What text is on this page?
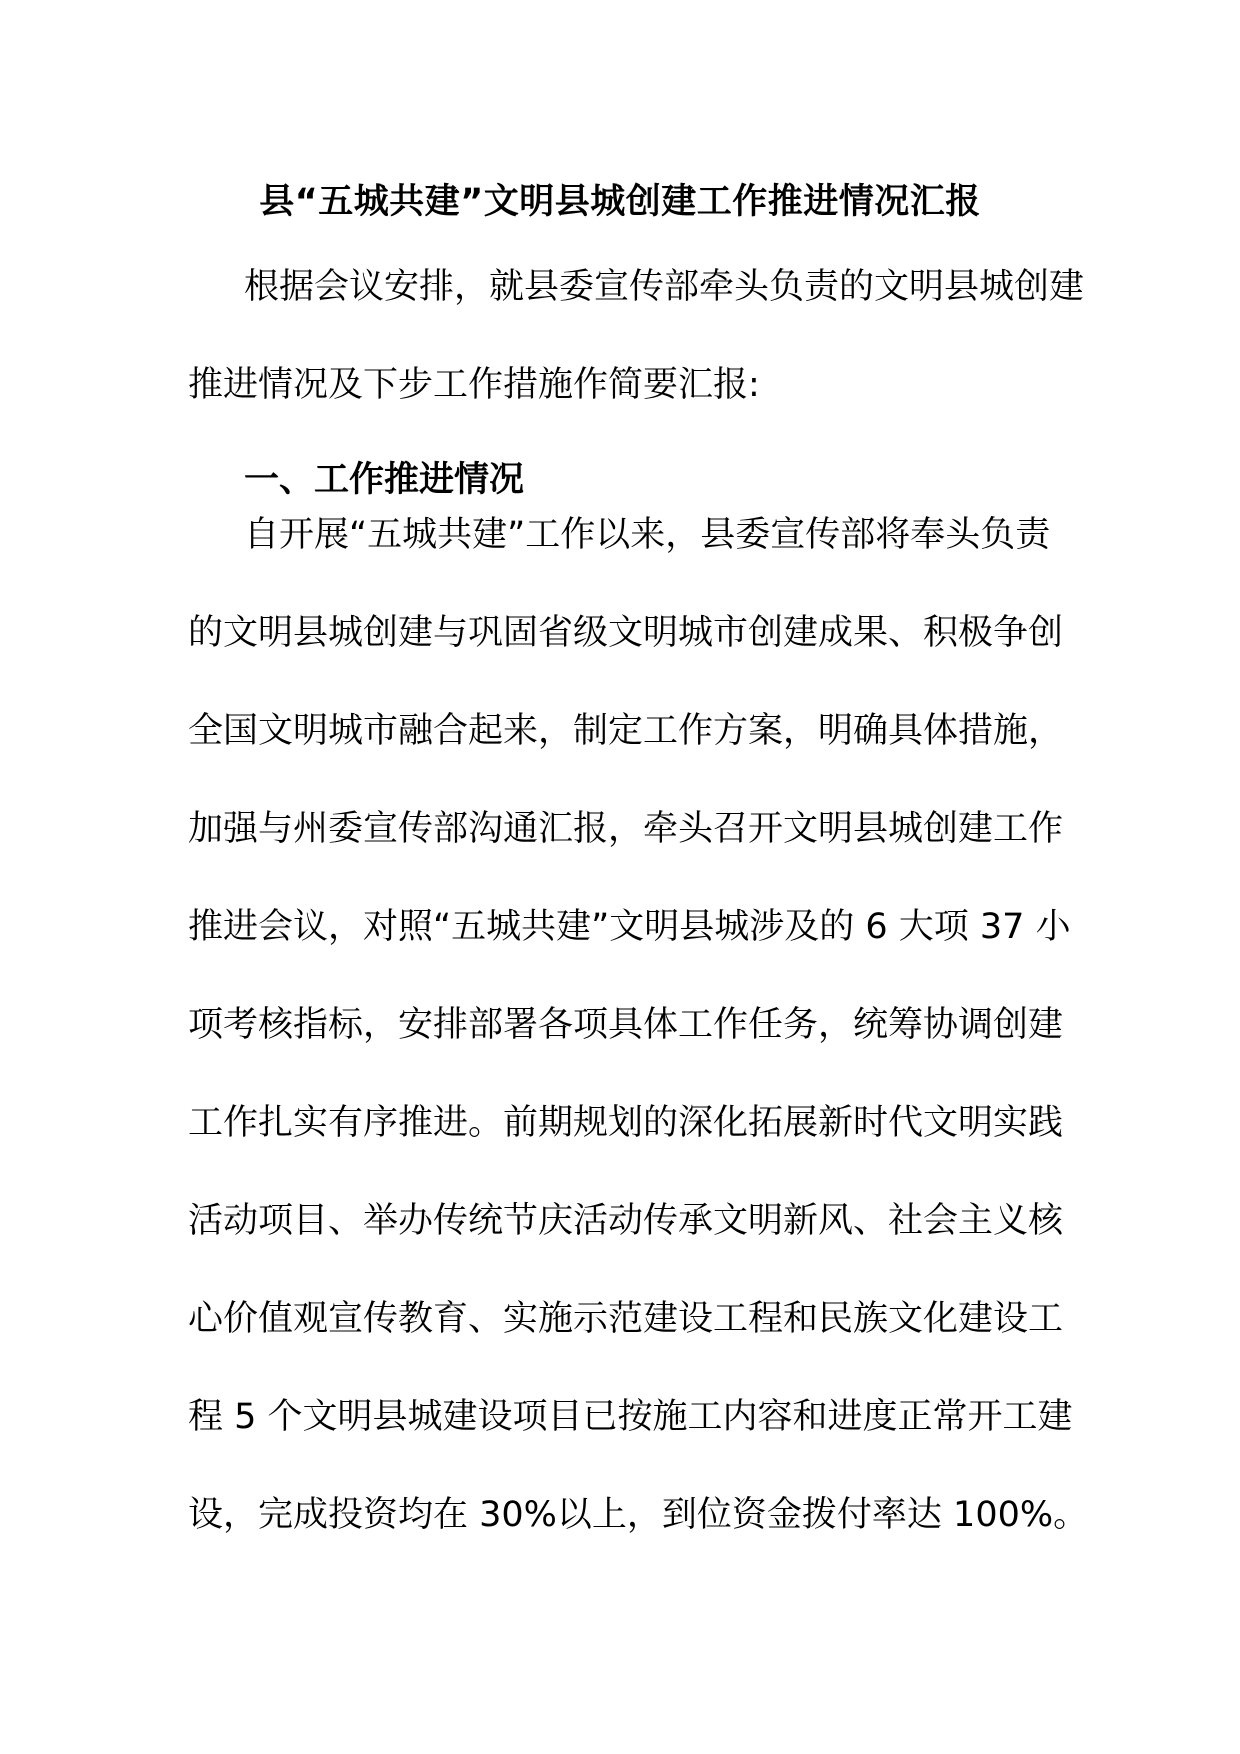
县“五城共建”文明县城创建工作推进情况汇报
根据会议安排，就县委宣传部牵头负责的文明县城创建
推进情况及下步工作措施作简要汇报:
一、工作推进情况
自开展“五城共建”工作以来，县委宣传部将奉头负责
的文明县城创建与巩固省级文明城市创建成果、积极争创
全国文明城市融合起来，制定工作方案，明确具体措施，
加强与州委宣传部沟通汇报，牵头召开文明县城创建工作
推进会议，对照“五城共建”文明县城涉及的 6 大项 37 小
项考核指标，安排部署各项具体工作任务，统筹协调创建
工作扎实有序推进。前期规划的深化拓展新时代文明实践
活动项目、举办传统节庆活动传承文明新风、社会主义核
心价值观宣传教育、实施示范建设工程和民族文化建设工
程 5 个文明县城建设项目已按施工内容和进度正常开工建
设，完成投资均在 30%以上，到位资金拨付率达 100%。
